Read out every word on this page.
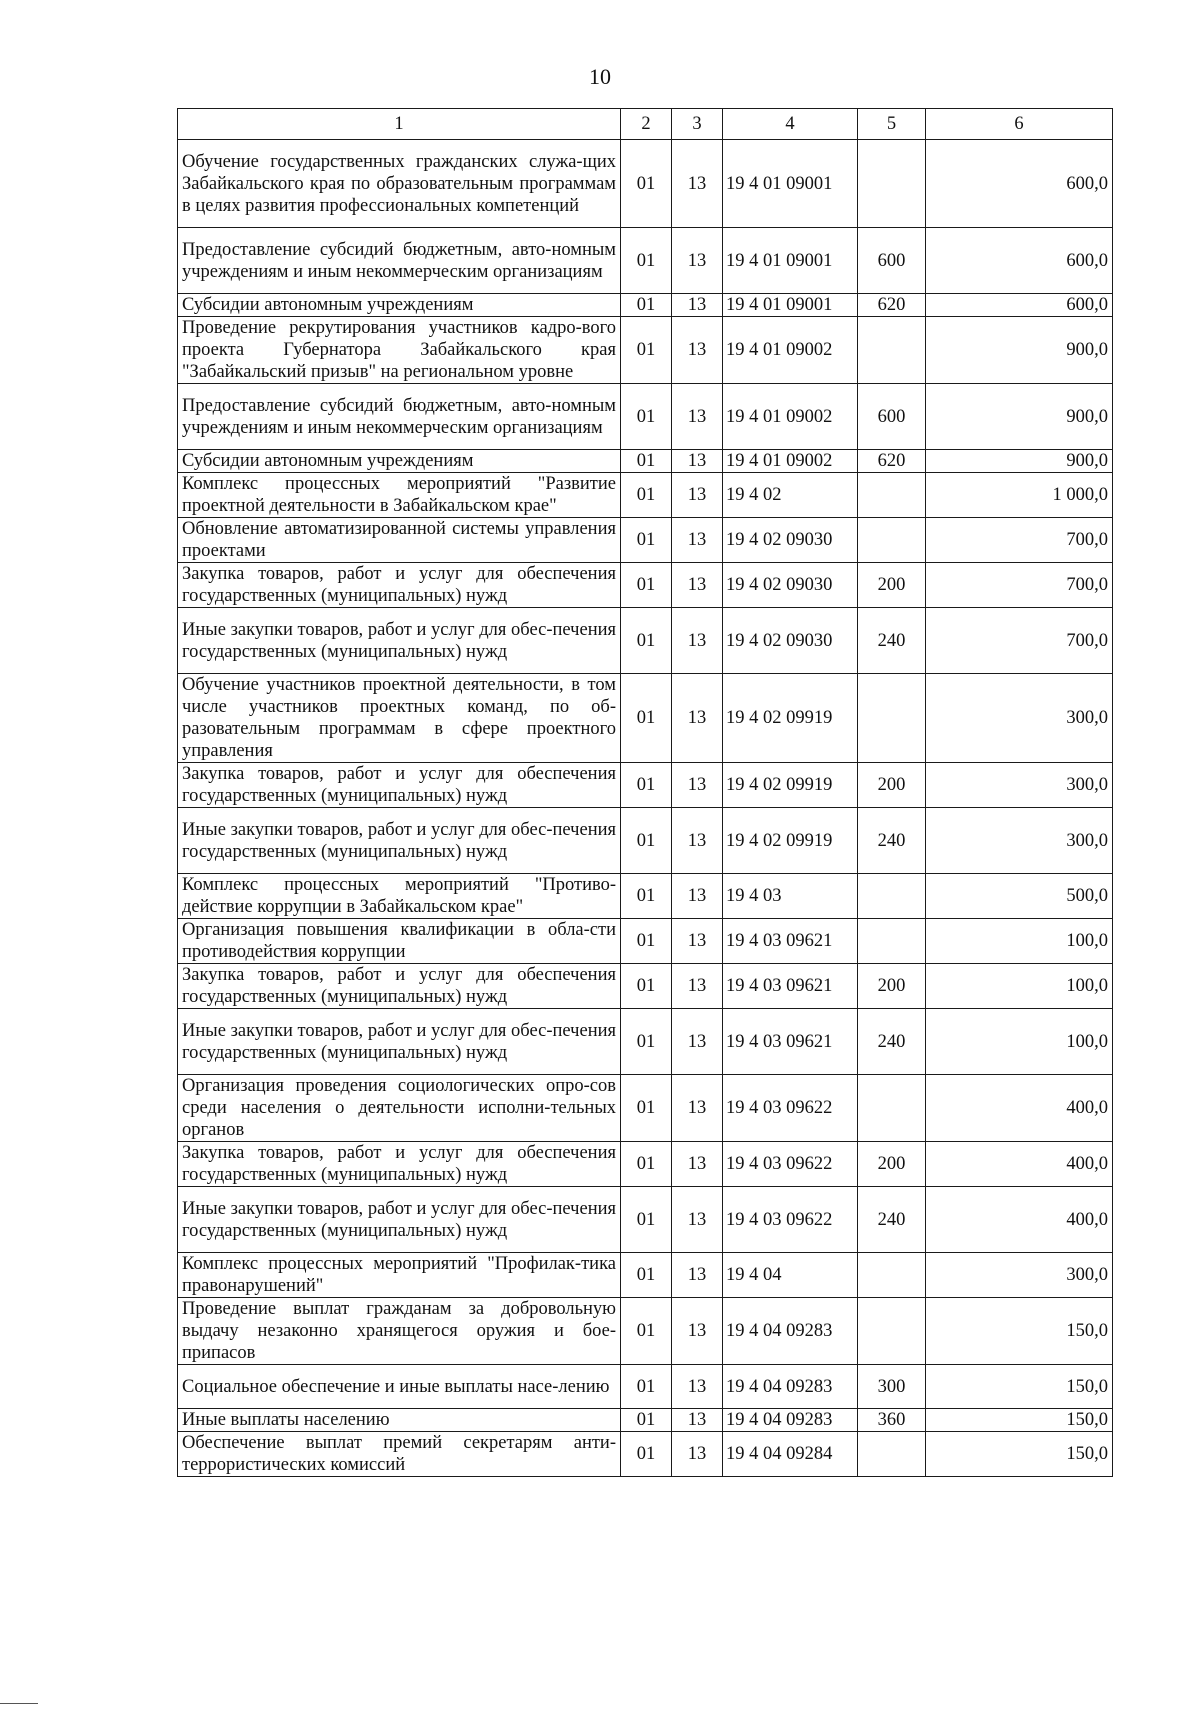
10
1	2	3	4	5	6
Обучение государственных гражданских служа-щих Забайкальского края по образовательным программам в целях развития профессиональных компетенций	01	13	19 4 01 09001		600,0
Предоставление субсидий бюджетным, авто-номным учреждениям и иным некоммерческим организациям	01	13	19 4 01 09001	600	600,0
Субсидии автономным учреждениям	01	13	19 4 01 09001	620	600,0
Проведение рекрутирования участников кадро-вого проекта Губернатора Забайкальского края "Забайкальский призыв" на региональном уровне	01	13	19 4 01 09002		900,0
Предоставление субсидий бюджетным, авто-номным учреждениям и иным некоммерческим организациям	01	13	19 4 01 09002	600	900,0
Субсидии автономным учреждениям	01	13	19 4 01 09002	620	900,0
Комплекс процессных мероприятий "Развитие проектной деятельности в Забайкальском крае"	01	13	19 4 02		1 000,0
Обновление автоматизированной системы управления проектами	01	13	19 4 02 09030		700,0
Закупка товаров, работ и услуг для обеспечения государственных (муниципальных) нужд	01	13	19 4 02 09030	200	700,0
Иные закупки товаров, работ и услуг для обес-печения государственных (муниципальных) нужд	01	13	19 4 02 09030	240	700,0
Обучение участников проектной деятельности, в том числе участников проектных команд, по об-разовательным программам в сфере проектного управления	01	13	19 4 02 09919		300,0
Закупка товаров, работ и услуг для обеспечения государственных (муниципальных) нужд	01	13	19 4 02 09919	200	300,0
Иные закупки товаров, работ и услуг для обес-печения государственных (муниципальных) нужд	01	13	19 4 02 09919	240	300,0
Комплекс процессных мероприятий "Противо-действие коррупции в Забайкальском крае"	01	13	19 4 03		500,0
Организация повышения квалификации в обла-сти противодействия коррупции	01	13	19 4 03 09621		100,0
Закупка товаров, работ и услуг для обеспечения государственных (муниципальных) нужд	01	13	19 4 03 09621	200	100,0
Иные закупки товаров, работ и услуг для обес-печения государственных (муниципальных) нужд	01	13	19 4 03 09621	240	100,0
Организация проведения социологических опро-сов среди населения о деятельности исполни-тельных органов	01	13	19 4 03 09622		400,0
Закупка товаров, работ и услуг для обеспечения государственных (муниципальных) нужд	01	13	19 4 03 09622	200	400,0
Иные закупки товаров, работ и услуг для обес-печения государственных (муниципальных) нужд	01	13	19 4 03 09622	240	400,0
Комплекс процессных мероприятий "Профилак-тика правонарушений"	01	13	19 4 04		300,0
Проведение выплат гражданам за добровольную выдачу незаконно хранящегося оружия и бое-припасов	01	13	19 4 04 09283		150,0
Социальное обеспечение и иные выплаты насе-лению	01	13	19 4 04 09283	300	150,0
Иные выплаты населению	01	13	19 4 04 09283	360	150,0
Обеспечение выплат премий секретарям анти-террористических комиссий	01	13	19 4 04 09284		150,0
